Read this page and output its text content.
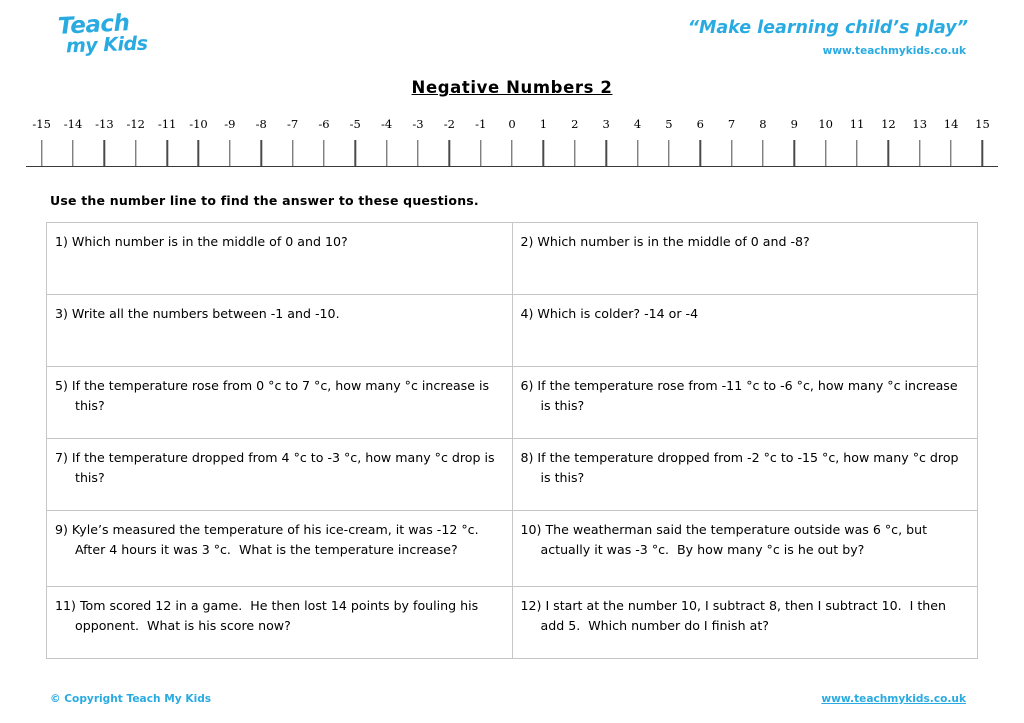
Teach
my Kids
“Make learning child’s play”
www.teachmykids.co.uk
Negative Numbers 2
-15	-14	-13	-12	-11	-10	-9	-8	-7	-6	-5	-4	-3	-2	-1	0	1	2	3	4	5	6	7	8	9	10	11	12	13	14	15
Use the number line to find the answer to these questions.
1) Which number is in the middle of 0 and 10?	2) Which number is in the middle of 0 and -8?

3) Write all the numbers between -1 and -10.	4) Which is colder? -14 or -4

5) If the temperature rose from 0 °c to 7 °c, how many °c increase is this?	6) If the temperature rose from -11 °c to -6 °c, how many °c increase is this?

7) If the temperature dropped from 4 °c to -3 °c, how many °c drop is this?	8) If the temperature dropped from -2 °c to -15 °c, how many °c drop is this?

9) Kyle’s measured the temperature of his ice-cream, it was -12 °c.  After 4 hours it was 3 °c.  What is the temperature increase?	10) The weatherman said the temperature outside was 6 °c, but actually it was -3 °c.  By how many °c is he out by?

11) Tom scored 12 in a game.  He then lost 14 points by fouling his opponent.  What is his score now?	12) I start at the number 10, I subtract 8, then I subtract 10.  I then add 5.  Which number do I finish at?
© Copyright Teach My Kids	www.teachmykids.co.uk
